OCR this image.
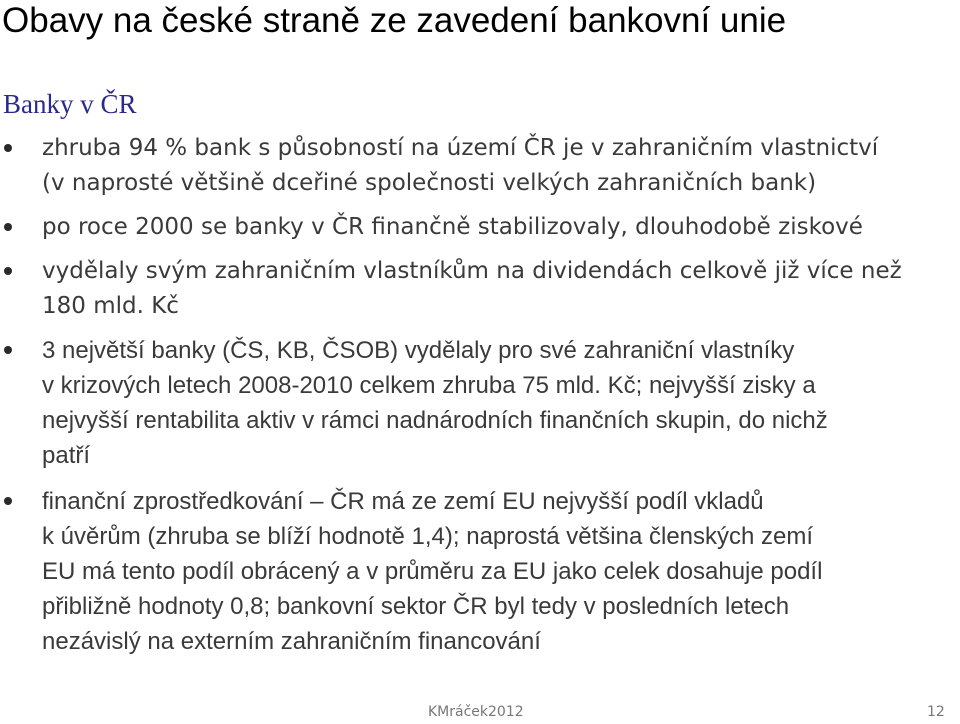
Obavy na české straně ze zavedení bankovní unie
Banky v ČR

zhruba 94 % bank s působností na území ČR je v zahraničním vlastnictví
(v naprosté většině dceřiné společnosti velkých zahraničních bank)

po roce 2000 se banky v ČR finančně stabilizovaly, dlouhodobě ziskové

vydělaly svým zahraničním vlastníkům na dividendách celkově již více než
180 mld. Kč

3 největší banky (ČS, KB, ČSOB) vydělaly pro své zahraniční vlastníky
v krizových letech 2008-2010 celkem zhruba 75 mld. Kč; nejvyšší zisky a
nejvyšší rentabilita aktiv v rámci nadnárodních finančních skupin, do nichž
patří

finanční zprostředkování – ČR má ze zemí EU nejvyšší podíl vkladů
k úvěrům (zhruba se blíží hodnotě 1,4); naprostá většina členských zemí
EU má tento podíl obrácený a v průměru za EU jako celek dosahuje podíl
přibližně hodnoty 0,8; bankovní sektor ČR byl tedy v posledních letech
nezávislý na externím zahraničním financování

KMráček2012	12
